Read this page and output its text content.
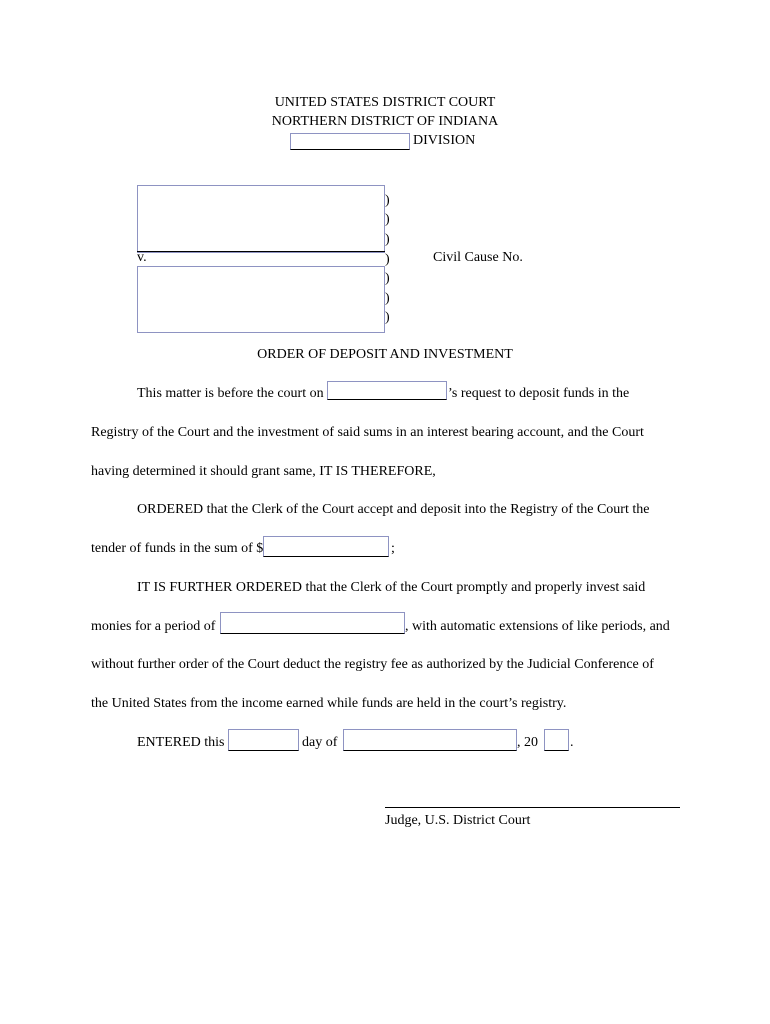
UNITED STATES DISTRICT COURT
NORTHERN DISTRICT OF INDIANA
DIVISION
v.
)
)
)
)
)
)
)
Civil Cause No.
ORDER OF DEPOSIT AND INVESTMENT
This matter is before the court on	’s request to deposit funds in the
Registry of the Court and the investment of said sums in an interest bearing account, and the Court
having determined it should grant same, IT IS THEREFORE,
ORDERED that the Clerk of the Court accept and deposit into the Registry of the Court the
tender of funds in the sum of $	;
IT IS FURTHER ORDERED that the Clerk of the Court promptly and properly invest said
monies for a period of	, with automatic extensions of like periods, and
without further order of the Court deduct the registry fee as authorized by the Judicial Conference of
the United States from the income earned while funds are held in the court’s registry.
ENTERED this	day of	, 20 .
Judge, U.S. District Court
